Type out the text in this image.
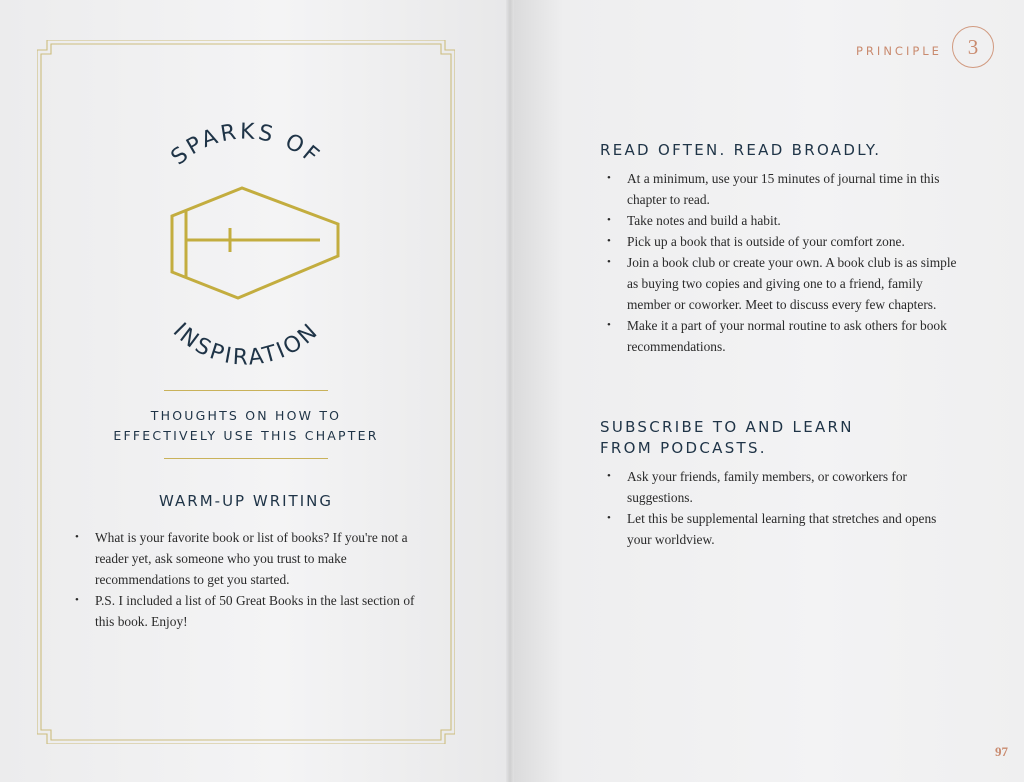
SPARKS OF
INSPIRATION
THOUGHTS ON HOW TO
EFFECTIVELY USE THIS CHAPTER
WARM-UP WRITING
• What is your favorite book or list of books? If you're not a reader yet, ask someone who you trust to make recommendations to get you started.
• P.S. I included a list of 50 Great Books in the last section of this book. Enjoy!
PRINCIPLE	3
READ OFTEN. READ BROADLY.
• At a minimum, use your 15 minutes of journal time in this chapter to read.
• Take notes and build a habit.
• Pick up a book that is outside of your comfort zone.
• Join a book club or create your own. A book club is as simple as buying two copies and giving one to a friend, family member or coworker. Meet to discuss every few chapters.
• Make it a part of your normal routine to ask others for book recommendations.
SUBSCRIBE TO AND LEARN
FROM PODCASTS.
• Ask your friends, family members, or coworkers for suggestions.
• Let this be supplemental learning that stretches and opens your worldview.
97
